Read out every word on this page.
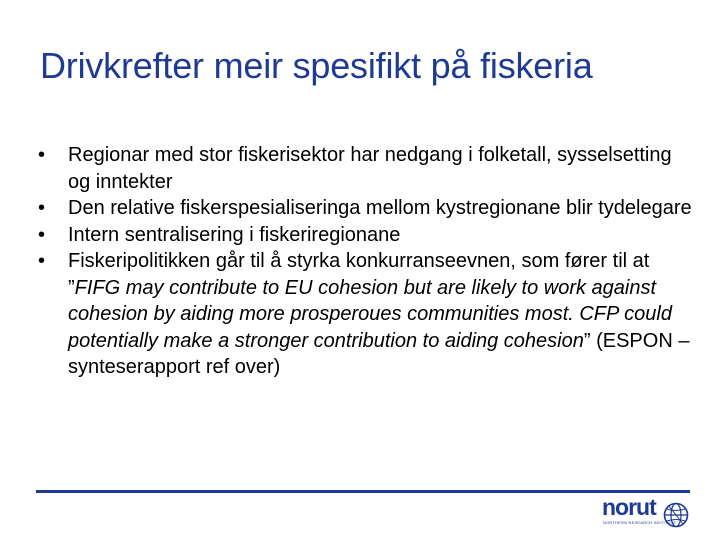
Drivkrefter meir spesifikt på fiskeria
• Regionar med stor fiskerisektor har nedgang i folketall, sysselsetting og inntekter
• Den relative fiskerspesialiseringa mellom kystregionane blir tydelegare
• Intern sentralisering i fiskeriregionane
• Fiskeripolitikken går til å styrka konkurranseevnen, som fører til at ”FIFG may contribute to EU cohesion but are likely to work against cohesion by aiding more prosperoues communities most. CFP could potentially make a stronger contribution to aiding cohesion” (ESPON – synteserapport ref over)
norut
NORTHERN RESEARCH INSTITUTE
